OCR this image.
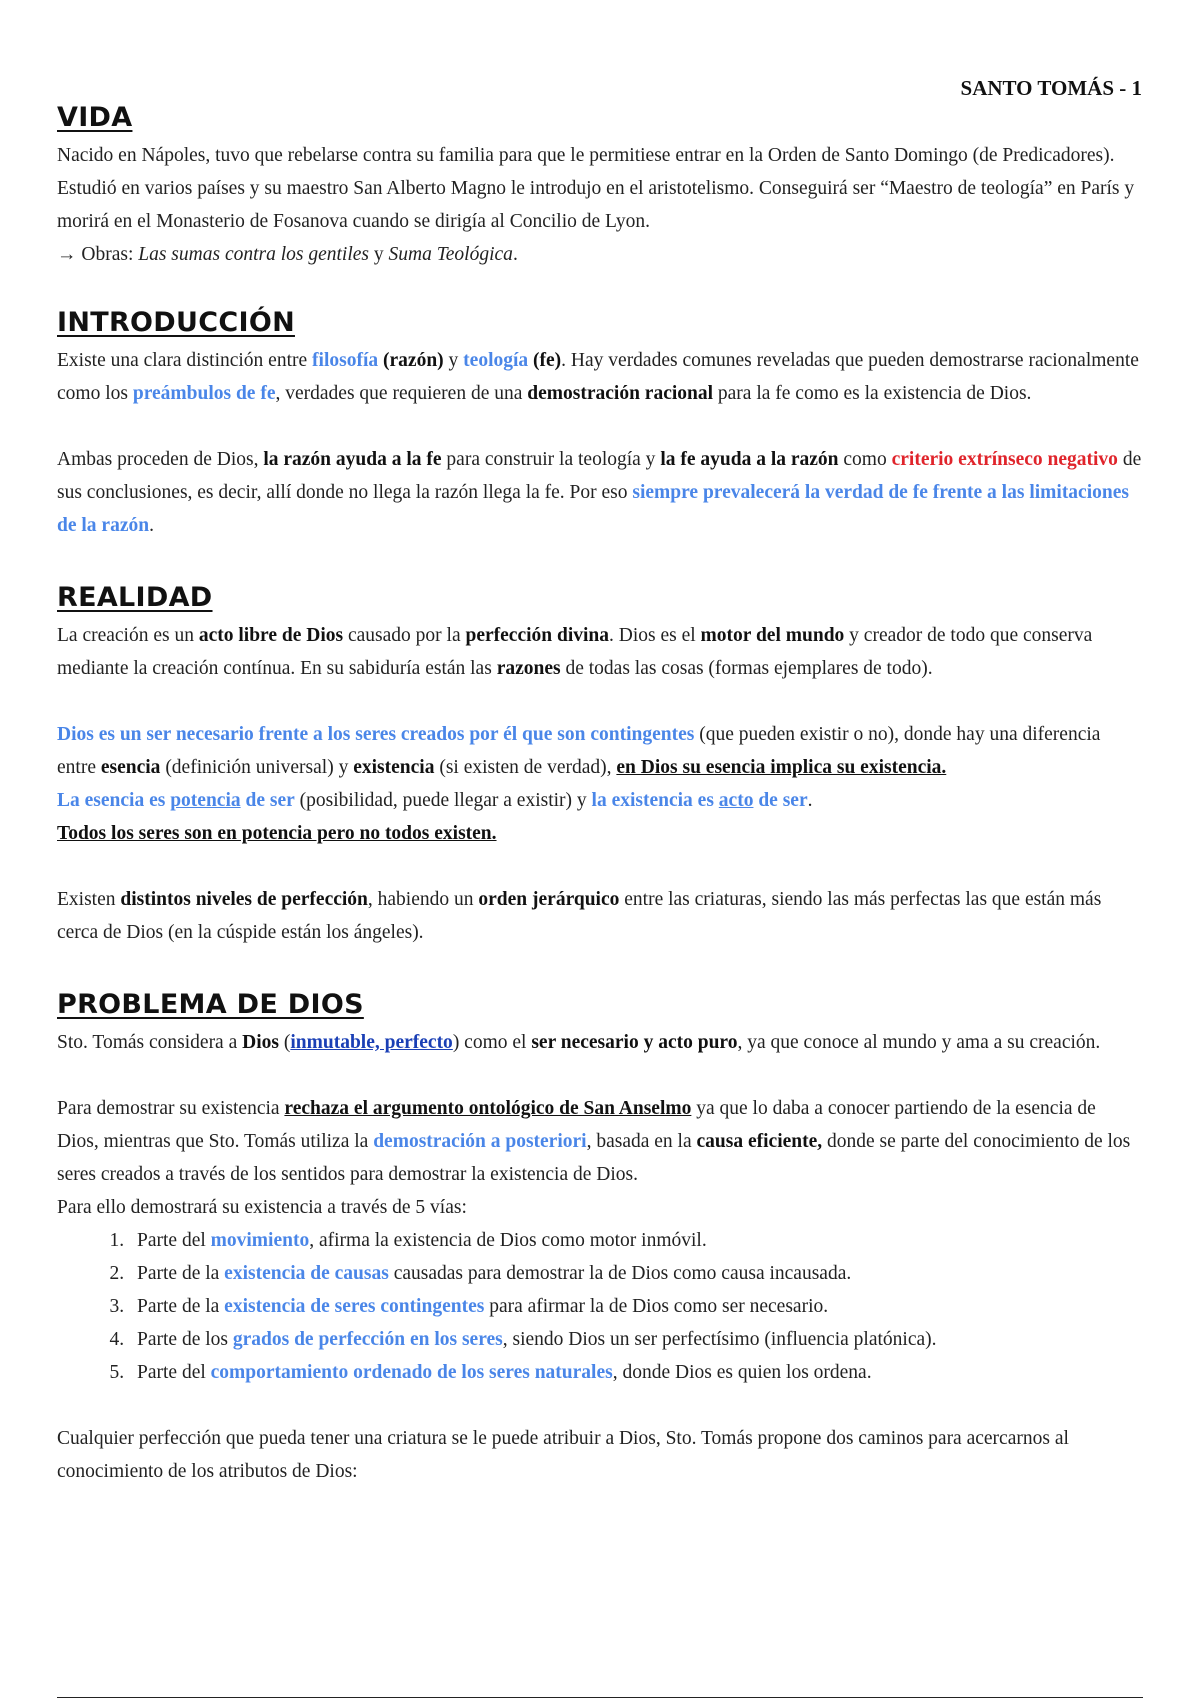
SANTO TOMÁS - 1
VIDA

Nacido en Nápoles, tuvo que rebelarse contra su familia para que le permitiese entrar en la Orden de Santo Domingo (de Predicadores). Estudió en varios países y su maestro San Alberto Magno le introdujo en el aristotelismo. Conseguirá ser “Maestro de teología” en París y morirá en el Monasterio de Fosanova cuando se dirigía al Concilio de Lyon.

→ Obras: Las sumas contra los gentiles y Suma Teológica.

INTRODUCCIÓN

Existe una clara distinción entre filosofía (razón) y teología (fe). Hay verdades comunes reveladas que pueden demostrarse racionalmente como los preámbulos de fe, verdades que requieren de una demostración racional para la fe como es la existencia de Dios.

Ambas proceden de Dios, la razón ayuda a la fe para construir la teología y la fe ayuda a la razón como criterio extrínseco negativo de sus conclusiones, es decir, allí donde no llega la razón llega la fe. Por eso siempre prevalecerá la verdad de fe frente a las limitaciones de la razón.

REALIDAD

La creación es un acto libre de Dios causado por la perfección divina. Dios es el motor del mundo y creador de todo que conserva mediante la creación contínua. En su sabiduría están las razones de todas las cosas (formas ejemplares de todo).

Dios es un ser necesario frente a los seres creados por él que son contingentes (que pueden existir o no), donde hay una diferencia entre esencia (definición universal) y existencia (si existen de verdad), en Dios su esencia implica su existencia.

La esencia es potencia de ser (posibilidad, puede llegar a existir) y la existencia es acto de ser.

Todos los seres son en potencia pero no todos existen.

Existen distintos niveles de perfección, habiendo un orden jerárquico entre las criaturas, siendo las más perfectas las que están más cerca de Dios (en la cúspide están los ángeles).

PROBLEMA DE DIOS

Sto. Tomás considera a Dios (inmutable, perfecto) como el ser necesario y acto puro, ya que conoce al mundo y ama a su creación.

Para demostrar su existencia rechaza el argumento ontológico de San Anselmo ya que lo daba a conocer partiendo de la esencia de Dios, mientras que Sto. Tomás utiliza la demostración a posteriori, basada en la causa eficiente, donde se parte del conocimiento de los seres creados a través de los sentidos para demostrar la existencia de Dios.

Para ello demostrará su existencia a través de 5 vías:

1. Parte del movimiento, afirma la existencia de Dios como motor inmóvil.
2. Parte de la existencia de causas causadas para demostrar la de Dios como causa incausada.
3. Parte de la existencia de seres contingentes para afirmar la de Dios como ser necesario.
4. Parte de los grados de perfección en los seres, siendo Dios un ser perfectísimo (influencia platónica).
5. Parte del comportamiento ordenado de los seres naturales, donde Dios es quien los ordena.

Cualquier perfección que pueda tener una criatura se le puede atribuir a Dios, Sto. Tomás propone dos caminos para acercarnos al conocimiento de los atributos de Dios:
